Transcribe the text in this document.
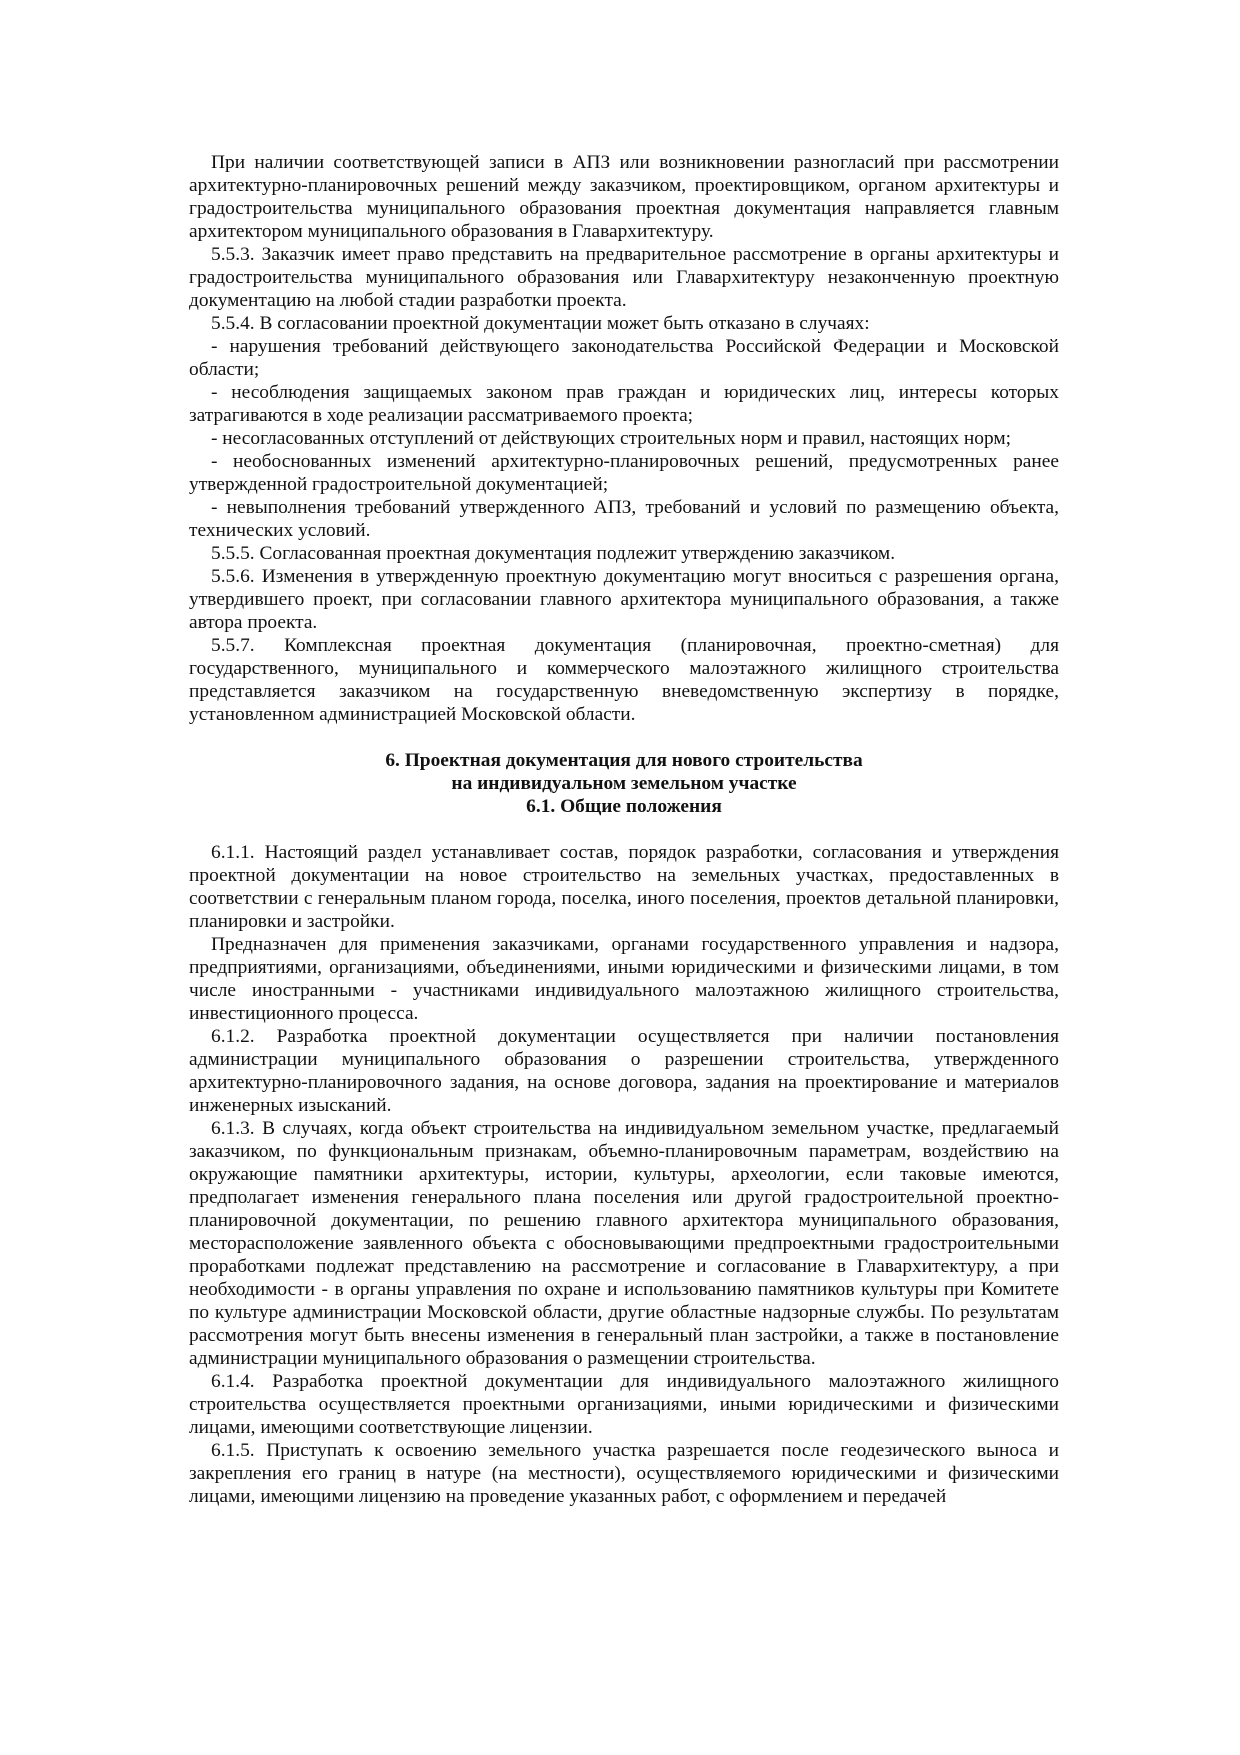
При наличии соответствующей записи в АПЗ или возникновении разногласий при рассмотрении архитектурно-планировочных решений между заказчиком, проектировщиком, органом архитектуры и градостроительства муниципального образования проектная документация направляется главным архитектором муниципального образования в Главархитектуру.

5.5.3. Заказчик имеет право представить на предварительное рассмотрение в органы архитектуры и градостроительства муниципального образования или Главархитектуру незаконченную проектную документацию на любой стадии разработки проекта.

5.5.4. В согласовании проектной документации может быть отказано в случаях:

- нарушения требований действующего законодательства Российской Федерации и Московской области;

- несоблюдения защищаемых законом прав граждан и юридических лиц, интересы которых затрагиваются в ходе реализации рассматриваемого проекта;

- несогласованных отступлений от действующих строительных норм и правил, настоящих норм;

- необоснованных изменений архитектурно-планировочных решений, предусмотренных ранее утвержденной градостроительной документацией;

- невыполнения требований утвержденного АПЗ, требований и условий по размещению объекта, технических условий.

5.5.5. Согласованная проектная документация подлежит утверждению заказчиком.

5.5.6. Изменения в утвержденную проектную документацию могут вноситься с разрешения органа, утвердившего проект, при согласовании главного архитектора муниципального образования, а также автора проекта.

5.5.7. Комплексная проектная документация (планировочная, проектно-сметная) для государственного, муниципального и коммерческого малоэтажного жилищного строительства представляется заказчиком на государственную вневедомственную экспертизу в порядке, установленном администрацией Московской области.

6. Проектная документация для нового строительства
на индивидуальном земельном участке
6.1. Общие положения

6.1.1. Настоящий раздел устанавливает состав, порядок разработки, согласования и утверждения проектной документации на новое строительство на земельных участках, предоставленных в соответствии с генеральным планом города, поселка, иного поселения, проектов детальной планировки, планировки и застройки.

Предназначен для применения заказчиками, органами государственного управления и надзора, предприятиями, организациями, объединениями, иными юридическими и физическими лицами, в том числе иностранными - участниками индивидуального малоэтажною жилищного строительства, инвестиционного процесса.

6.1.2. Разработка проектной документации осуществляется при наличии постановления администрации муниципального образования о разрешении строительства, утвержденного архитектурно-планировочного задания, на основе договора, задания на проектирование и материалов инженерных изысканий.

6.1.3. В случаях, когда объект строительства на индивидуальном земельном участке, предлагаемый заказчиком, по функциональным признакам, объемно-планировочным параметрам, воздействию на окружающие памятники архитектуры, истории, культуры, археологии, если таковые имеются, предполагает изменения генерального плана поселения или другой градостроительной проектно-планировочной документации, по решению главного архитектора муниципального образования, месторасположение заявленного объекта с обосновывающими предпроектными градостроительными проработками подлежат представлению на рассмотрение и согласование в Главархитектуру, а при необходимости - в органы управления по охране и использованию памятников культуры при Комитете по культуре администрации Московской области, другие областные надзорные службы. По результатам рассмотрения могут быть внесены изменения в генеральный план застройки, а также в постановление администрации муниципального образования о размещении строительства.

6.1.4. Разработка проектной документации для индивидуального малоэтажного жилищного строительства осуществляется проектными организациями, иными юридическими и физическими лицами, имеющими соответствующие лицензии.

6.1.5. Приступать к освоению земельного участка разрешается после геодезического выноса и закрепления его границ в натуре (на местности), осуществляемого юридическими и физическими лицами, имеющими лицензию на проведение указанных работ, с оформлением и передачей
